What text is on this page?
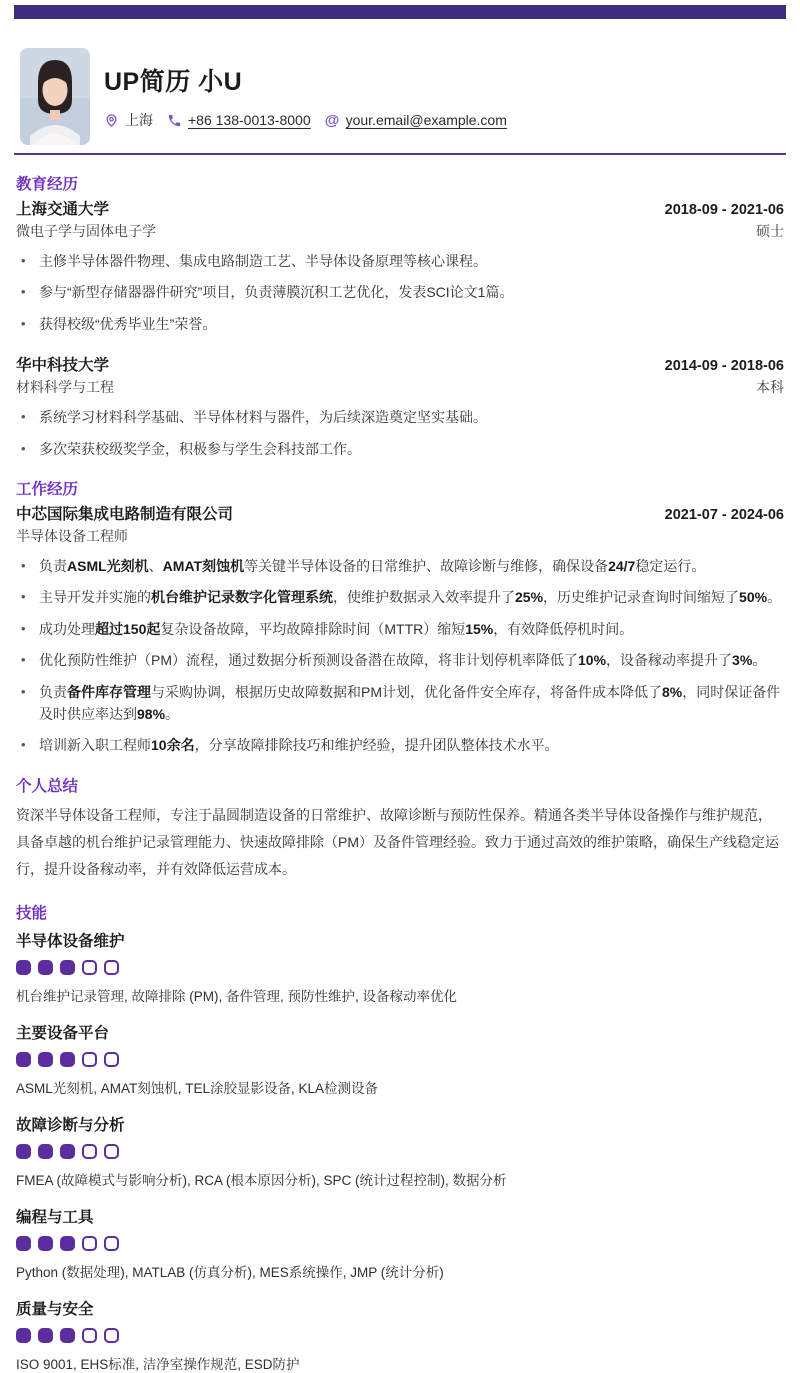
UP简历 小U
上海	+86 138-0013-8000 @ your.email@example.com
教育经历
上海交通大学	2018-09 - 2021-06
微电子学与固体电子学	硕士
• 主修半导体器件物理、集成电路制造工艺、半导体设备原理等核心课程。
• 参与“新型存储器器件研究”项目，负责薄膜沉积工艺优化，发表SCI论文1篇。
• 获得校级“优秀毕业生”荣誉。
华中科技大学	2014-09 - 2018-06
材料科学与工程	本科
• 系统学习材料科学基础、半导体材料与器件，为后续深造奠定坚实基础。
• 多次荣获校级奖学金，积极参与学生会科技部工作。
工作经历
中芯国际集成电路制造有限公司	2021-07 - 2024-06
半导体设备工程师
• 负责ASML光刻机、AMAT刻蚀机等关键半导体设备的日常维护、故障诊断与维修，确保设备24/7稳定运行。
• 主导开发并实施的机台维护记录数字化管理系统，使维护数据录入效率提升了25%，历史维护记录查询时间缩短了50%。
• 成功处理超过150起复杂设备故障，平均故障排除时间（MTTR）缩短15%，有效降低停机时间。
• 优化预防性维护（PM）流程，通过数据分析预测设备潜在故障，将非计划停机率降低了10%，设备稼动率提升了3%。
• 负责备件库存管理与采购协调，根据历史故障数据和PM计划，优化备件安全库存，将备件成本降低了8%，同时保证备件及时供应率达到98%。
• 培训新入职工程师10余名，分享故障排除技巧和维护经验，提升团队整体技术水平。
个人总结

资深半导体设备工程师，专注于晶圆制造设备的日常维护、故障诊断与预防性保养。精通各类半导体设备操作与维护规范，具备卓越的机台维护记录管理能力、快速故障排除（PM）及备件管理经验。致力于通过高效的维护策略，确保生产线稳定运行，提升设备稼动率，并有效降低运营成本。

技能
半导体设备维护
机台维护记录管理, 故障排除 (PM), 备件管理, 预防性维护, 设备稼动率优化
主要设备平台
ASML光刻机, AMAT刻蚀机, TEL涂胶显影设备, KLA检测设备
故障诊断与分析
FMEA (故障模式与影响分析), RCA (根本原因分析), SPC (统计过程控制), 数据分析
编程与工具
Python (数据处理), MATLAB (仿真分析), MES系统操作, JMP (统计分析)
质量与安全
ISO 9001, EHS标准, 洁净室操作规范, ESD防护
